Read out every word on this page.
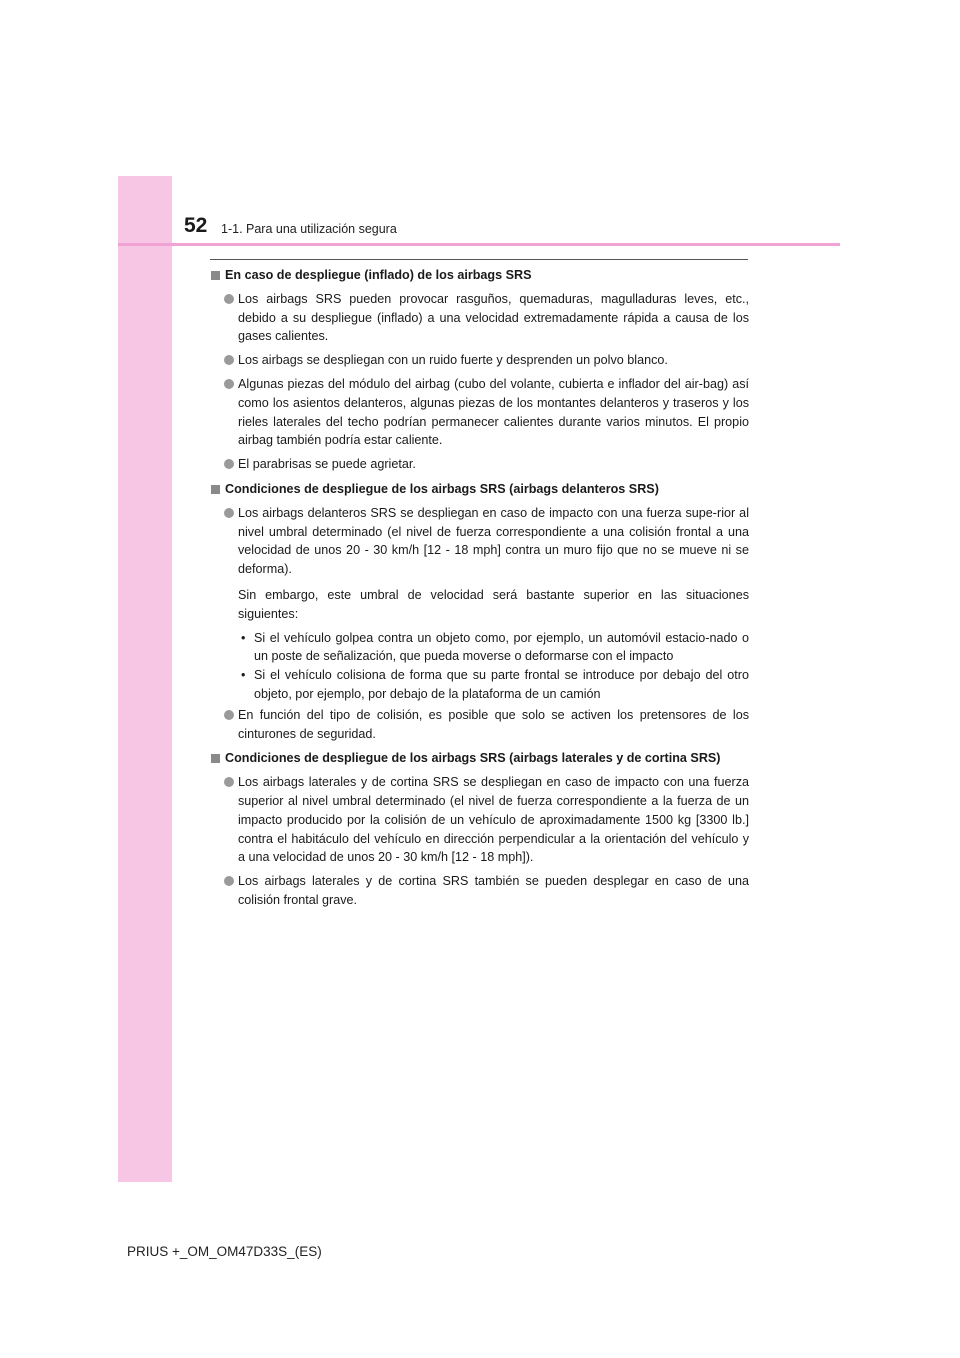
52 1-1. Para una utilización segura
En caso de despliegue (inflado) de los airbags SRS
Los airbags SRS pueden provocar rasguños, quemaduras, magulladuras leves, etc., debido a su despliegue (inflado) a una velocidad extremadamente rápida a causa de los gases calientes.
Los airbags se despliegan con un ruido fuerte y desprenden un polvo blanco.
Algunas piezas del módulo del airbag (cubo del volante, cubierta e inflador del air-bag) así como los asientos delanteros, algunas piezas de los montantes delanteros y traseros y los rieles laterales del techo podrían permanecer calientes durante varios minutos. El propio airbag también podría estar caliente.
El parabrisas se puede agrietar.
Condiciones de despliegue de los airbags SRS (airbags delanteros SRS)
Los airbags delanteros SRS se despliegan en caso de impacto con una fuerza supe-rior al nivel umbral determinado (el nivel de fuerza correspondiente a una colisión frontal a una velocidad de unos 20 - 30 km/h [12 - 18 mph] contra un muro fijo que no se mueve ni se deforma).
Sin embargo, este umbral de velocidad será bastante superior en las situaciones siguientes:
• Si el vehículo golpea contra un objeto como, por ejemplo, un automóvil estacio-nado o un poste de señalización, que pueda moverse o deformarse con el impacto
• Si el vehículo colisiona de forma que su parte frontal se introduce por debajo del otro objeto, por ejemplo, por debajo de la plataforma de un camión
En función del tipo de colisión, es posible que solo se activen los pretensores de los cinturones de seguridad.
Condiciones de despliegue de los airbags SRS (airbags laterales y de cortina SRS)
Los airbags laterales y de cortina SRS se despliegan en caso de impacto con una fuerza superior al nivel umbral determinado (el nivel de fuerza correspondiente a la fuerza de un impacto producido por la colisión de un vehículo de aproximadamente 1500 kg [3300 lb.] contra el habitáculo del vehículo en dirección perpendicular a la orientación del vehículo y a una velocidad de unos 20 - 30 km/h [12 - 18 mph]).
Los airbags laterales y de cortina SRS también se pueden desplegar en caso de una colisión frontal grave.
PRIUS +_OM_OM47D33S_(ES)
